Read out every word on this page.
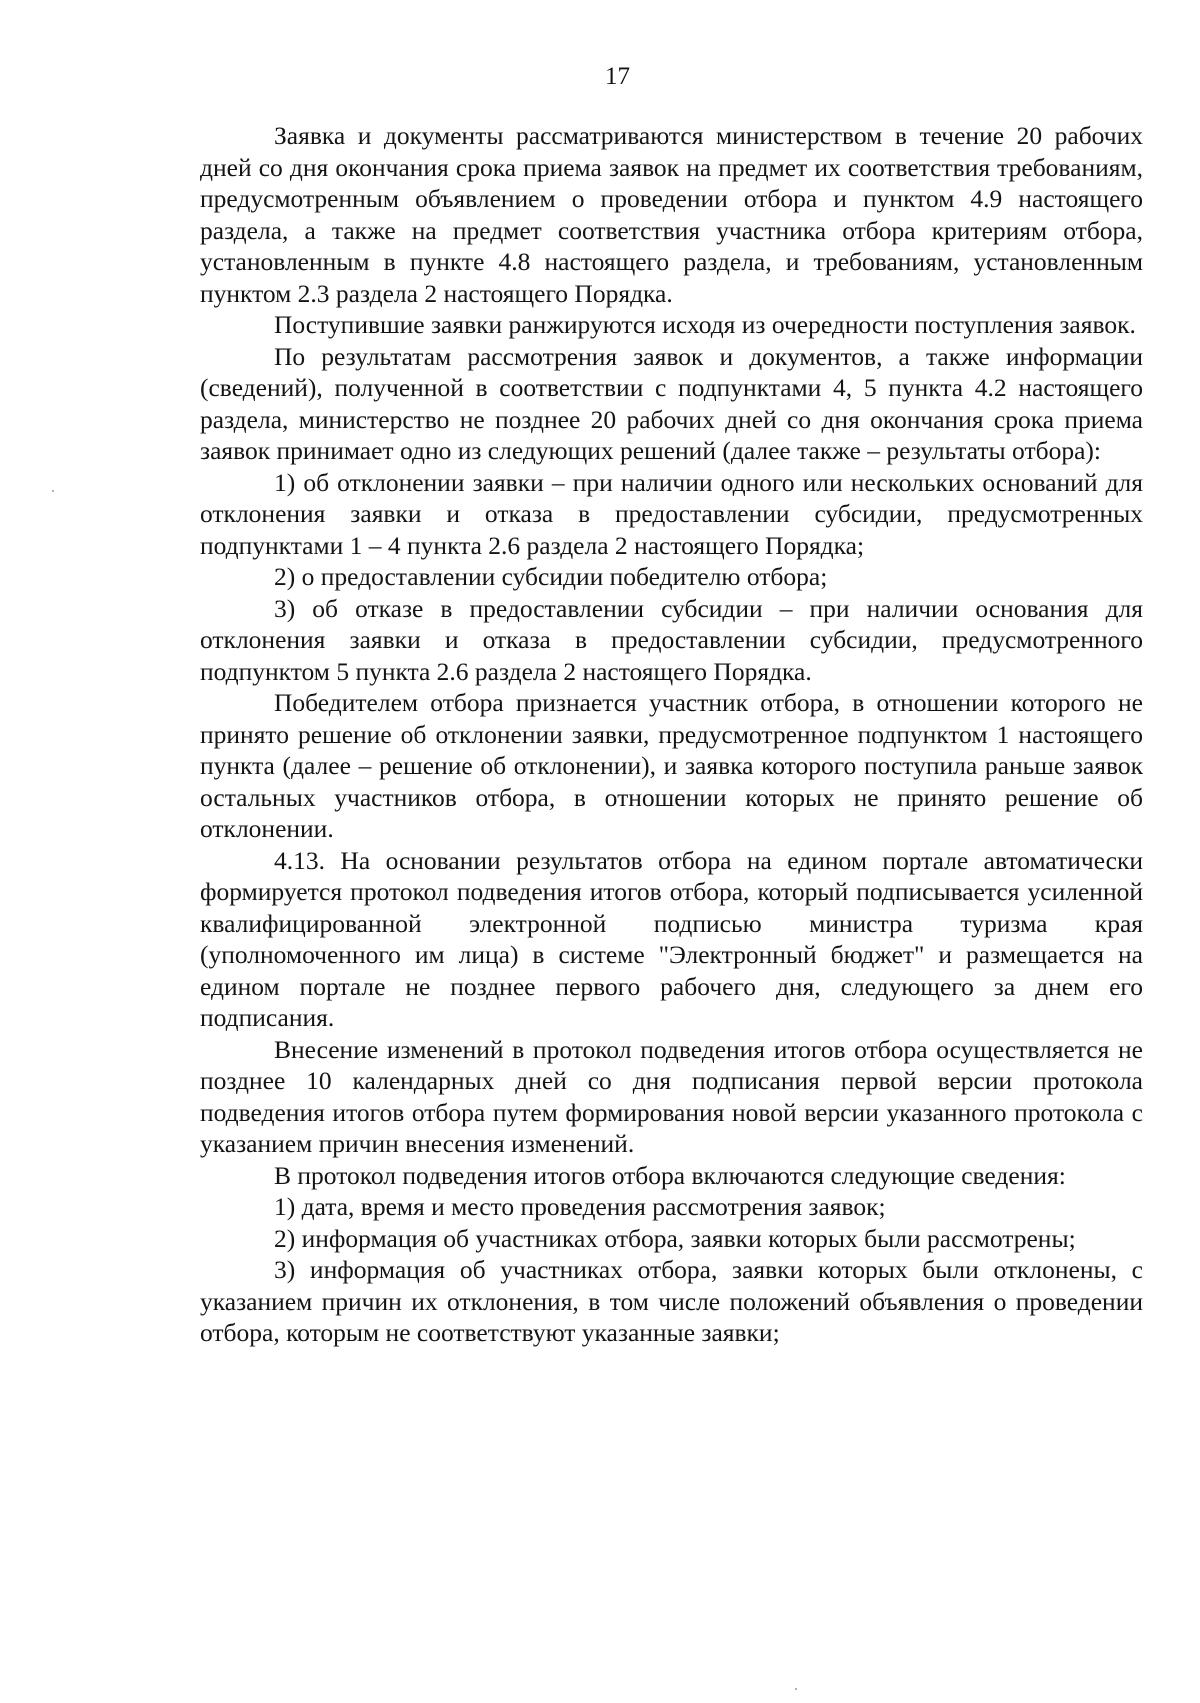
17

Заявка и документы рассматриваются министерством в течение 20 рабочих дней со дня окончания срока приема заявок на предмет их соответствия требованиям, предусмотренным объявлением о проведении отбора и пунктом 4.9 настоящего раздела, а также на предмет соответствия участника отбора критериям отбора, установленным в пункте 4.8 настоящего раздела, и требованиям, установленным пунктом 2.3 раздела 2 настоящего Порядка.

Поступившие заявки ранжируются исходя из очередности поступления заявок.

По результатам рассмотрения заявок и документов, а также информации (сведений), полученной в соответствии с подпунктами 4, 5 пункта 4.2 настоящего раздела, министерство не позднее 20 рабочих дней со дня окончания срока приема заявок принимает одно из следующих решений (далее также – результаты отбора):

1) об отклонении заявки – при наличии одного или нескольких оснований для отклонения заявки и отказа в предоставлении субсидии, предусмотренных подпунктами 1 – 4 пункта 2.6 раздела 2 настоящего Порядка;

2) о предоставлении субсидии победителю отбора;

3) об отказе в предоставлении субсидии – при наличии основания для отклонения заявки и отказа в предоставлении субсидии, предусмотренного подпунктом 5 пункта 2.6 раздела 2 настоящего Порядка.

Победителем отбора признается участник отбора, в отношении которого не принято решение об отклонении заявки, предусмотренное подпунктом 1 настоящего пункта (далее – решение об отклонении), и заявка которого поступила раньше заявок остальных участников отбора, в отношении которых не принято решение об отклонении.

4.13. На основании результатов отбора на едином портале автоматически формируется протокол подведения итогов отбора, который подписывается усиленной квалифицированной электронной подписью министра туризма края (уполномоченного им лица) в системе "Электронный бюджет" и размещается на едином портале не позднее первого рабочего дня, следующего за днем его подписания.

Внесение изменений в протокол подведения итогов отбора осуществляется не позднее 10 календарных дней со дня подписания первой версии протокола подведения итогов отбора путем формирования новой версии указанного протокола с указанием причин внесения изменений.

В протокол подведения итогов отбора включаются следующие сведения:

1) дата, время и место проведения рассмотрения заявок;

2) информация об участниках отбора, заявки которых были рассмотрены;

3) информация об участниках отбора, заявки которых были отклонены, с указанием причин их отклонения, в том числе положений объявления о проведении отбора, которым не соответствуют указанные заявки;
